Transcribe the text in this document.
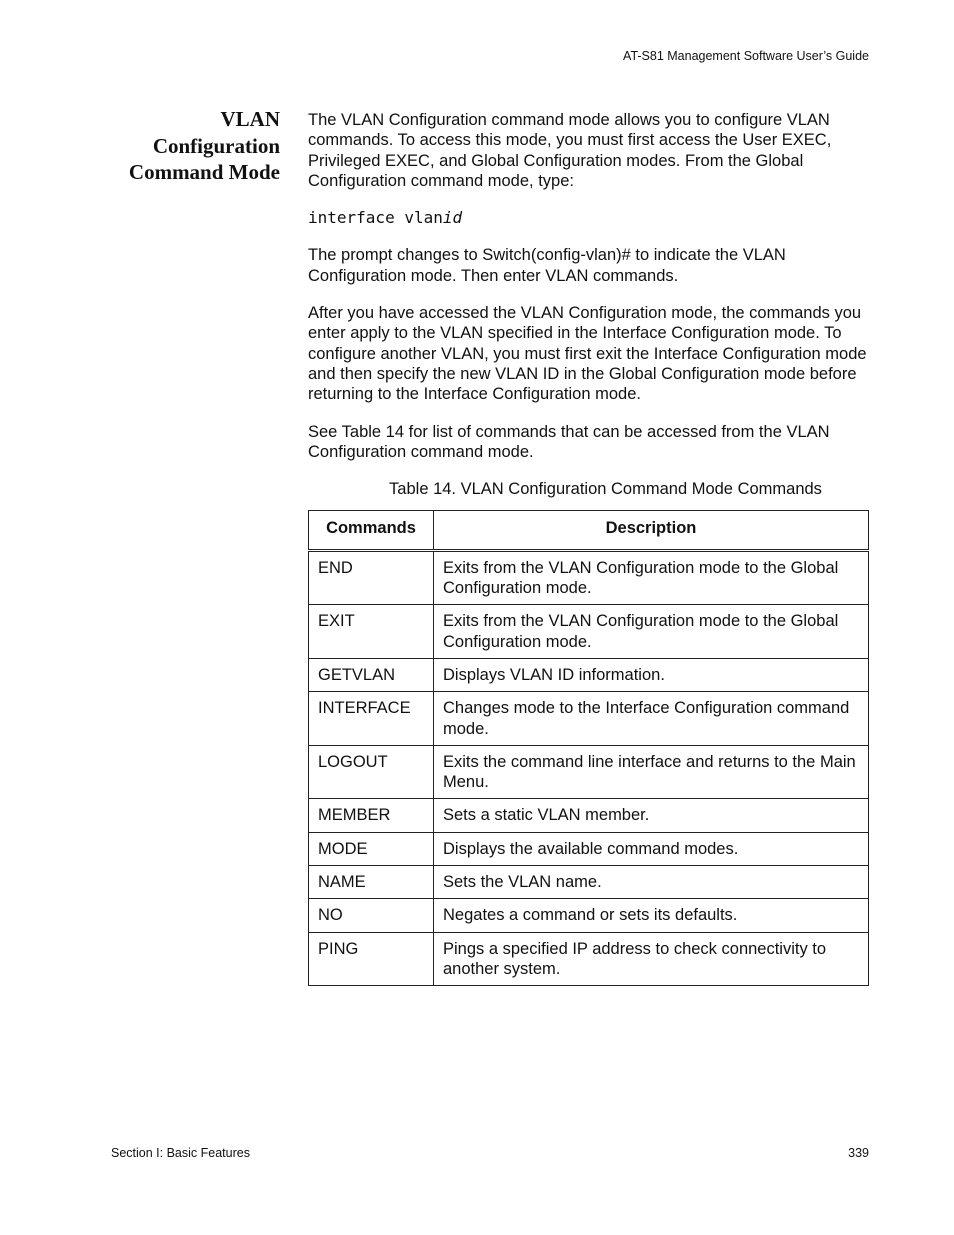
AT-S81 Management Software User’s Guide
VLAN
Configuration
Command Mode

The VLAN Configuration command mode allows you to configure VLAN commands. To access this mode, you must first access the User EXEC, Privileged EXEC, and Global Configuration modes. From the Global Configuration command mode, type:

interface vlanid

The prompt changes to Switch(config-vlan)# to indicate the VLAN Configuration mode. Then enter VLAN commands.

After you have accessed the VLAN Configuration mode, the commands you enter apply to the VLAN specified in the Interface Configuration mode. To configure another VLAN, you must first exit the Interface Configuration mode and then specify the new VLAN ID in the Global Configuration mode before returning to the Interface Configuration mode.

See Table 14 for list of commands that can be accessed from the VLAN Configuration command mode.

Table 14. VLAN Configuration Command Mode Commands
Commands	Description
END	Exits from the VLAN Configuration mode to the Global Configuration mode.
EXIT	Exits from the VLAN Configuration mode to the Global Configuration mode.
GETVLAN	Displays VLAN ID information.
INTERFACE	Changes mode to the Interface Configuration command mode.
LOGOUT	Exits the command line interface and returns to the Main Menu.
MEMBER	Sets a static VLAN member.
MODE	Displays the available command modes.
NAME	Sets the VLAN name.
NO	Negates a command or sets its defaults.
PING	Pings a specified IP address to check connectivity to another system.
Section I: Basic Features	339
